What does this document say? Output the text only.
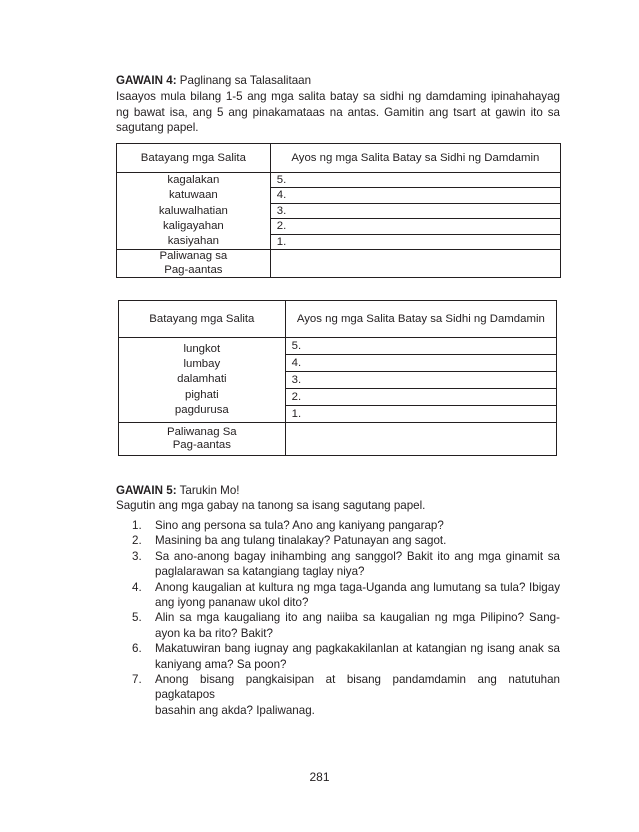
GAWAIN 4: Paglinang sa Talasalitaan
Isaayos mula bilang 1-5 ang mga salita batay sa sidhi ng damdaming ipinahahayag
ng bawat isa, ang 5 ang pinakamataas na antas. Gamitin ang tsart at gawin ito sa
sagutang papel.
Batayang mga Salita	Ayos ng mga Salita Batay sa Sidhi ng Damdamin

kagalakan
katuwaan
kaluwalhatian
kaligayahan
kasiyahan	5.
	4.
	3.
	2.
	1.

Paliwanag sa
Pag-aantas	

Batayang mga Salita	Ayos ng mga Salita Batay sa Sidhi ng Damdamin

lungkot
lumbay
dalamhati
pighati
pagdurusa	5.
	4.
	3.
	2.
	1.

Paliwanag Sa
Pag-aantas	

GAWAIN 5: Tarukin Mo!
Sagutin ang mga gabay na tanong sa isang sagutang papel.
1. Sino ang persona sa tula? Ano ang kaniyang pangarap?
2. Masining ba ang tulang tinalakay? Patunayan ang sagot.
3. Sa ano-anong bagay inihambing ang sanggol? Bakit ito ang mga ginamit sa
paglalarawan sa katangiang taglay niya?
4. Anong kaugalian at kultura ng mga taga-Uganda ang lumutang sa tula? Ibigay
ang iyong pananaw ukol dito?
5. Alin sa mga kaugaliang ito ang naiiba sa kaugalian ng mga Pilipino? Sang-
ayon ka ba rito? Bakit?
6. Makatuwiran bang iugnay ang pagkakakilanlan at katangian ng isang anak sa
kaniyang ama? Sa poon?
7. Anong bisang pangkaisipan at bisang pandamdamin ang natutuhan pagkatapos
basahin ang akda? Ipaliwanag.
281
